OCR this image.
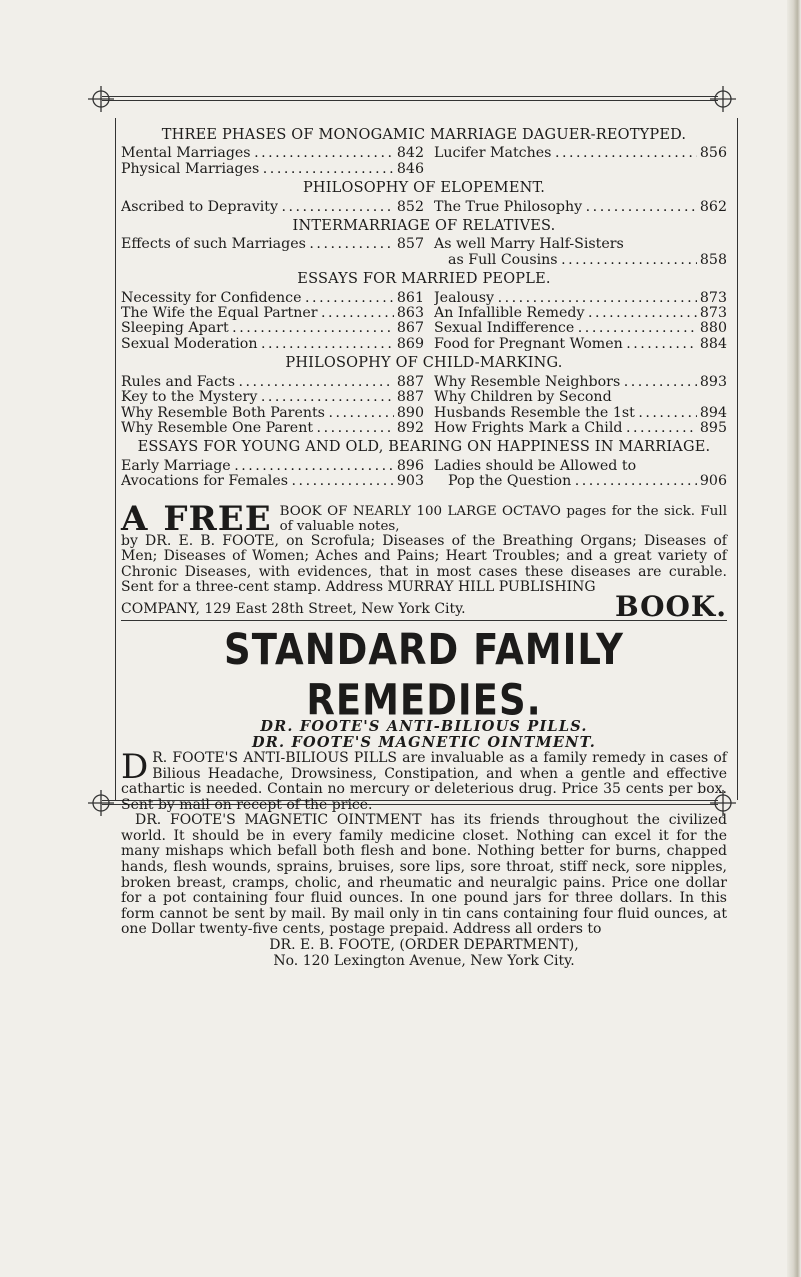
THREE PHASES OF MONOGAMIC MARRIAGE DAGUER-REOTYPED.
Mental Marriages . . .	842 Lucifer Matches . . .	856
Physical Marriages . . .	846
PHILOSOPHY OF ELOPEMENT.
Ascribed to Depravity . . .	852 The True Philosophy . . .	862
INTERMARRIAGE OF RELATIVES.
Effects of such Marriages . . .	857 As well Marry Half-Sisters
as Full Cousins . . .	858
ESSAYS FOR MARRIED PEOPLE.
Necessity for Confidence . . .	861 Jealousy . . .	873
The Wife the Equal Partner . . .	863 An Infallible Remedy . . .	873
Sleeping Apart . . .	867 Sexual Indifference . . .	880
Sexual Moderation . . .	869 Food for Pregnant Women . . .	884
PHILOSOPHY OF CHILD-MARKING.
Rules and Facts . . .	887 Why Resemble Neighbors . . .	893
Key to the Mystery . . .	887 Why Children by Second
Why Resemble Both Parents . . .	890 Husbands Resemble the 1st . . .	894
Why Resemble One Parent . . .	892 How Frights Mark a Child . . .	895
ESSAYS FOR YOUNG AND OLD, BEARING ON HAPPINESS IN MARRIAGE.
Early Marriage . . .	896 Ladies should be Allowed to
Avocations for Females . . .	903	Pop the Question . . .	906
A FREE BOOK OF NEARLY 100 LARGE OCTAVO pages for the sick. Full of valuable notes,
by DR. E. B. FOOTE, on Scrofula; Diseases of the Breathing Organs; Diseases of Men; Diseases of Women; Aches and Pains; Heart Troubles; and a great variety of Chronic Diseases, with evidences, that in most cases these diseases are curable. Sent for a three-cent stamp. Address MURRAY HILL PUBLISHING
COMPANY, 129 East 28th Street, New York City.	BOOK.
STANDARD FAMILY REMEDIES.
DR. FOOTE'S ANTI-BILIOUS PILLS.
DR. FOOTE'S MAGNETIC OINTMENT.

D R. FOOTE'S ANTI-BILIOUS PILLS are invaluable as a family remedy in cases of Bilious Headache, Drowsiness, Constipation, and when a gentle and effective cathartic is needed. Contain no mercury or deleterious drug. Price 35 cents per box. Sent by mail on recept of the price.

DR. FOOTE'S MAGNETIC OINTMENT has its friends throughout the civilized world. It should be in every family medicine closet. Nothing can excel it for the many mishaps which befall both flesh and bone. Nothing better for burns, chapped hands, flesh wounds, sprains, bruises, sore lips, sore throat, stiff neck, sore nipples, broken breast, cramps, cholic, and rheumatic and neuralgic pains. Price one dollar for a pot containing four fluid ounces. In one pound jars for three dollars. In this form cannot be sent by mail. By mail only in tin cans containing four fluid ounces, at one Dollar twenty-five cents, postage prepaid. Address all orders to

DR. E. B. FOOTE, (ORDER DEPARTMENT),
No. 120 Lexington Avenue, New York City.
